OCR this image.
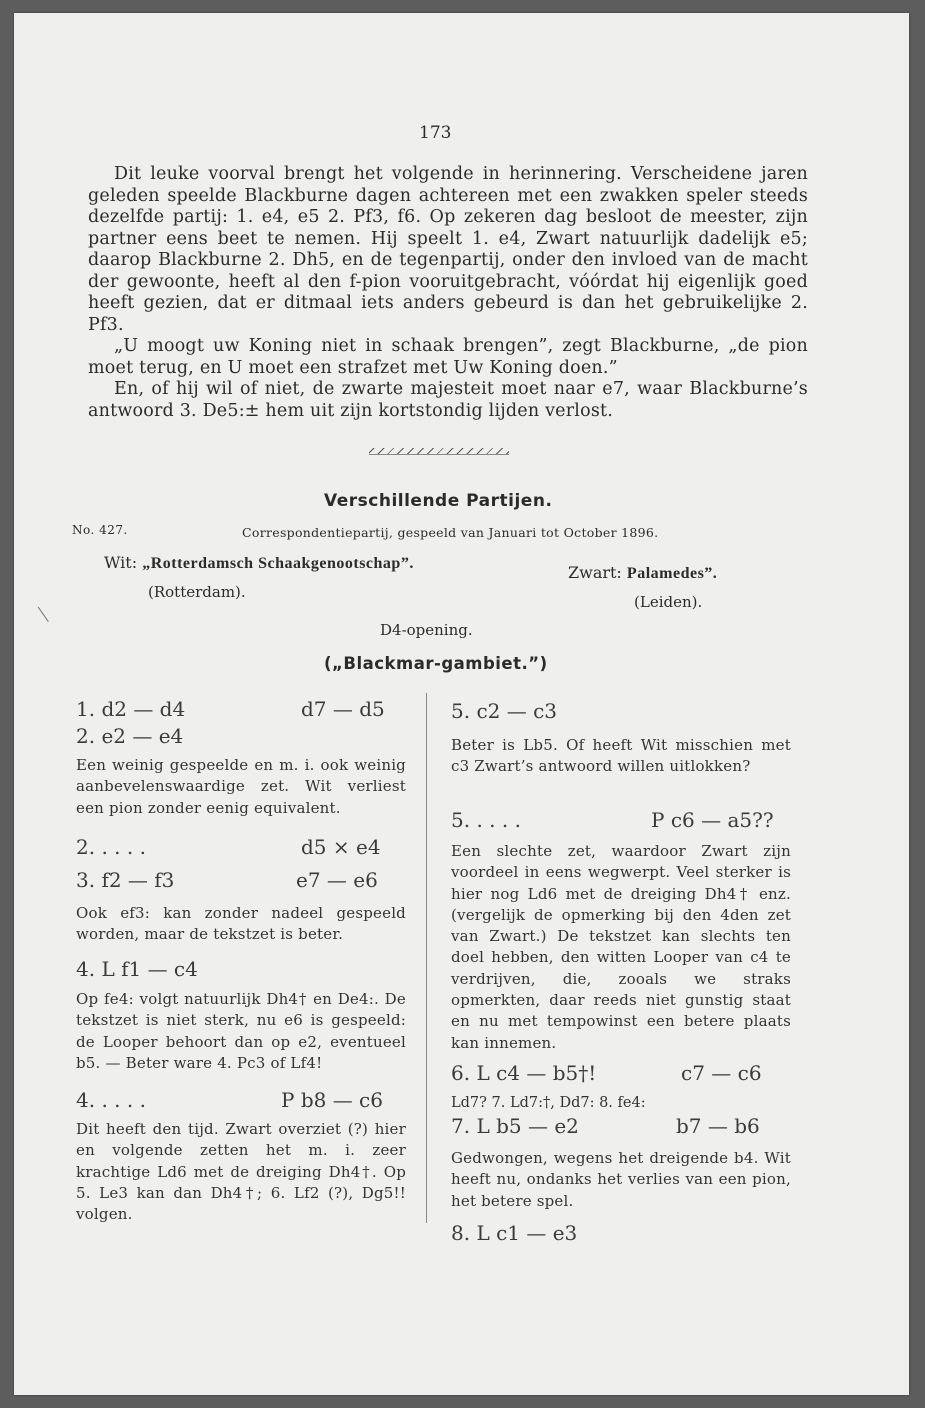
173

Dit leuke voorval brengt het volgende in herinnering. Verscheidene jaren geleden speelde Blackburne dagen achtereen met een zwakken speler steeds dezelfde partij: 1. e4, e5 2. Pf3, f6. Op zekeren dag besloot de meester, zijn partner eens beet te nemen. Hij speelt 1. e4, Zwart natuurlijk dadelijk e5; daarop Blackburne 2. Dh5, en de tegenpartij, onder den invloed van de macht der gewoonte, heeft al den f-pion vooruitgebracht, vóórdat hij eigenlijk goed heeft gezien, dat er ditmaal iets anders gebeurd is dan het gebruikelijke 2. Pf3.

„U moogt uw Koning niet in schaak brengen”, zegt Blackburne, „de pion moet terug, en U moet een strafzet met Uw Koning doen.”

En, of hij wil of niet, de zwarte majesteit moet naar e7, waar Blackburne’s antwoord 3. De5:± hem uit zijn kortstondig lijden verlost.

Verschillende Partijen.
No. 427.	Correspondentiepartij, gespeeld van Januari tot October 1896.
Wit: „Rotterdamsch Schaakgenootschap”.	Zwart: Palamedes”.
(Rotterdam).
(Leiden).
D4-opening.
(„Blackmar-gambiet.”)
1. d2 — d4	d7 — d5
2. e2 — e4

Een weinig gespeelde en m. i. ook weinig aanbevelenswaardige zet. Wit verliest een pion zonder eenig equivalent.

2. . . . .	d5 × e4
3. f2 — f3	e7 — e6

Ook ef3: kan zonder nadeel gespeeld worden, maar de tekstzet is beter.

4. L f1 — c4

Op fe4: volgt natuurlijk Dh4† en De4:. De tekstzet is niet sterk, nu e6 is gespeeld: de Looper behoort dan op e2, eventueel b5. — Beter ware 4. Pc3 of Lf4!

4. . . . .	P b8 — c6

Dit heeft den tijd. Zwart overziet (?) hier en volgende zetten het m. i. zeer krachtige Ld6 met de dreiging Dh4†. Op 5. Le3 kan dan Dh4†; 6. Lf2 (?), Dg5!! volgen.

5. c2 — c3

Beter is Lb5. Of heeft Wit misschien met c3 Zwart’s antwoord willen uitlokken?

5. . . . .	P c6 — a5??

Een slechte zet, waardoor Zwart zijn voordeel in eens wegwerpt. Veel sterker is hier nog Ld6 met de dreiging Dh4† enz. (vergelijk de opmerking bij den 4den zet van Zwart.) De tekstzet kan slechts ten doel hebben, den witten Looper van c4 te verdrijven, die, zooals we straks opmerkten, daar reeds niet gunstig staat en nu met tempowinst een betere plaats kan innemen.

6. L c4 — b5†!	c7 — c6
Ld7? 7. Ld7:†, Dd7: 8. fe4:
7. L b5 — e2	b7 — b6

Gedwongen, wegens het dreigende b4. Wit heeft nu, ondanks het verlies van een pion, het betere spel.

8. L c1 — e3
